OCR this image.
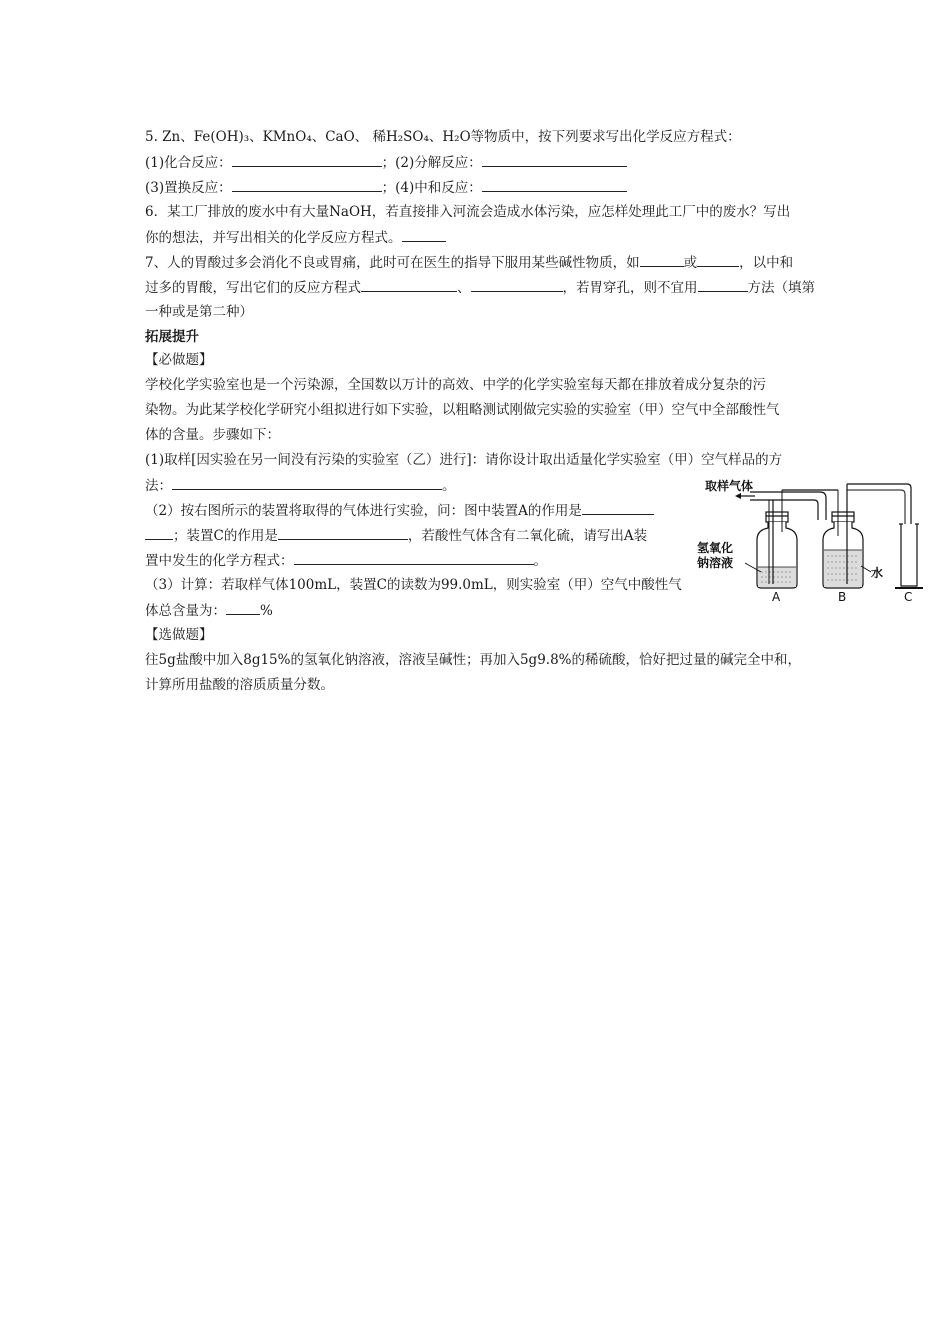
5. Zn、Fe(OH)₃、KMnO₄、CaO、 稀H₂SO₄、H₂O等物质中，按下列要求写出化学反应方程式：
(1)化合反应：	；(2)分解反应：
(3)置换反应：	；(4)中和反应：
6．某工厂排放的废水中有大量NaOH，若直接排入河流会造成水体污染，应怎样处理此工厂中的废水？写出
你的想法，并写出相关的化学反应方程式。
7、人的胃酸过多会消化不良或胃痛，此时可在医生的指导下服用某些碱性物质，如	或	，以中和
过多的胃酸，写出它们的反应方程式	、	，若胃穿孔，则不宜用	方法（填第
一种或是第二种）
拓展提升
【必做题】
学校化学实验室也是一个污染源，全国数以万计的高效、中学的化学实验室每天都在排放着成分复杂的污
染物。为此某学校化学研究小组拟进行如下实验，以粗略测试刚做完实验的实验室（甲）空气中全部酸性气
体的含量。步骤如下：
(1)取样[因实验在另一间没有污染的实验室（乙）进行]：请你设计取出适量化学实验室（甲）空气样品的方
法：	。
（2）按右图所示的装置将取得的气体进行实验，问：图中装置A的作用是
；装置C的作用是	，若酸性气体含有二氧化硫，请写出A装
置中发生的化学方程式：	。
（3）计算：若取样气体100mL，装置C的读数为99.0mL，则实验室（甲）空气中酸性气
体总含量为：	%
【选做题】
往5g盐酸中加入8g15%的氢氧化钠溶液，溶液呈碱性；再加入5g9.8%的稀硫酸，恰好把过量的碱完全中和，
计算所用盐酸的溶质质量分数。
取样气体
氢氧化
钠溶液
水
A	B	C
